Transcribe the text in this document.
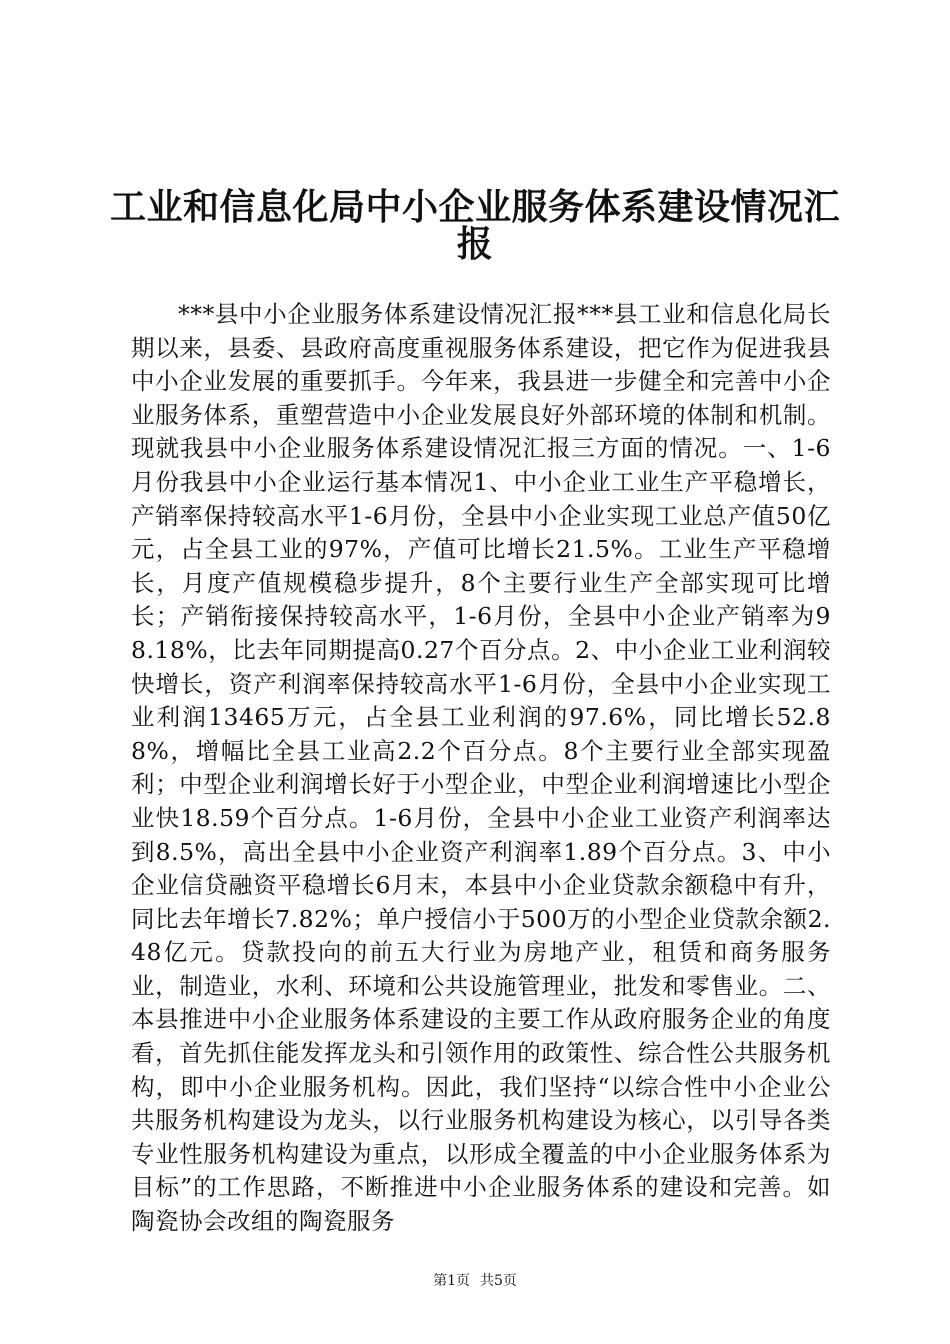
工业和信息化局中小企业服务体系建设情况汇
报

***县中小企业服务体系建设情况汇报***县工业和信息化局长期以来，县委、县政府高度重视服务体系建设，把它作为促进我县中小企业发展的重要抓手。今年来，我县进一步健全和完善中小企业服务体系，重塑营造中小企业发展良好外部环境的体制和机制。现就我县中小企业服务体系建设情况汇报三方面的情况。一、1-6月份我县中小企业运行基本情况1、中小企业工业生产平稳增长，产销率保持较高水平1-6月份，全县中小企业实现工业总产值50亿元，占全县工业的97%，产值可比增长21.5%。工业生产平稳增长，月度产值规模稳步提升，8个主要行业生产全部实现可比增长；产销衔接保持较高水平，1-6月份，全县中小企业产销率为98.18%，比去年同期提高0.27个百分点。2、中小企业工业利润较快增长，资产利润率保持较高水平1-6月份，全县中小企业实现工业利润13465万元，占全县工业利润的97.6%，同比增长52.88%，增幅比全县工业高2.2个百分点。8个主要行业全部实现盈利；中型企业利润增长好于小型企业，中型企业利润增速比小型企业快18.59个百分点。1-6月份，全县中小企业工业资产利润率达到8.5%，高出全县中小企业资产利润率1.89个百分点。3、中小企业信贷融资平稳增长6月末，本县中小企业贷款余额稳中有升，同比去年增长7.82%；单户授信小于500万的小型企业贷款余额2.48亿元。贷款投向的前五大行业为房地产业，租赁和商务服务业，制造业，水利、环境和公共设施管理业，批发和零售业。二、本县推进中小企业服务体系建设的主要工作从政府服务企业的角度看，首先抓住能发挥龙头和引领作用的政策性、综合性公共服务机构，即中小企业服务机构。因此，我们坚持“以综合性中小企业公共服务机构建设为龙头，以行业服务机构建设为核心，以引导各类专业性服务机构建设为重点，以形成全覆盖的中小企业服务体系为目标”的工作思路，不断推进中小企业服务体系的建设和完善。如陶瓷协会改组的陶瓷服务

第1页 共5页
